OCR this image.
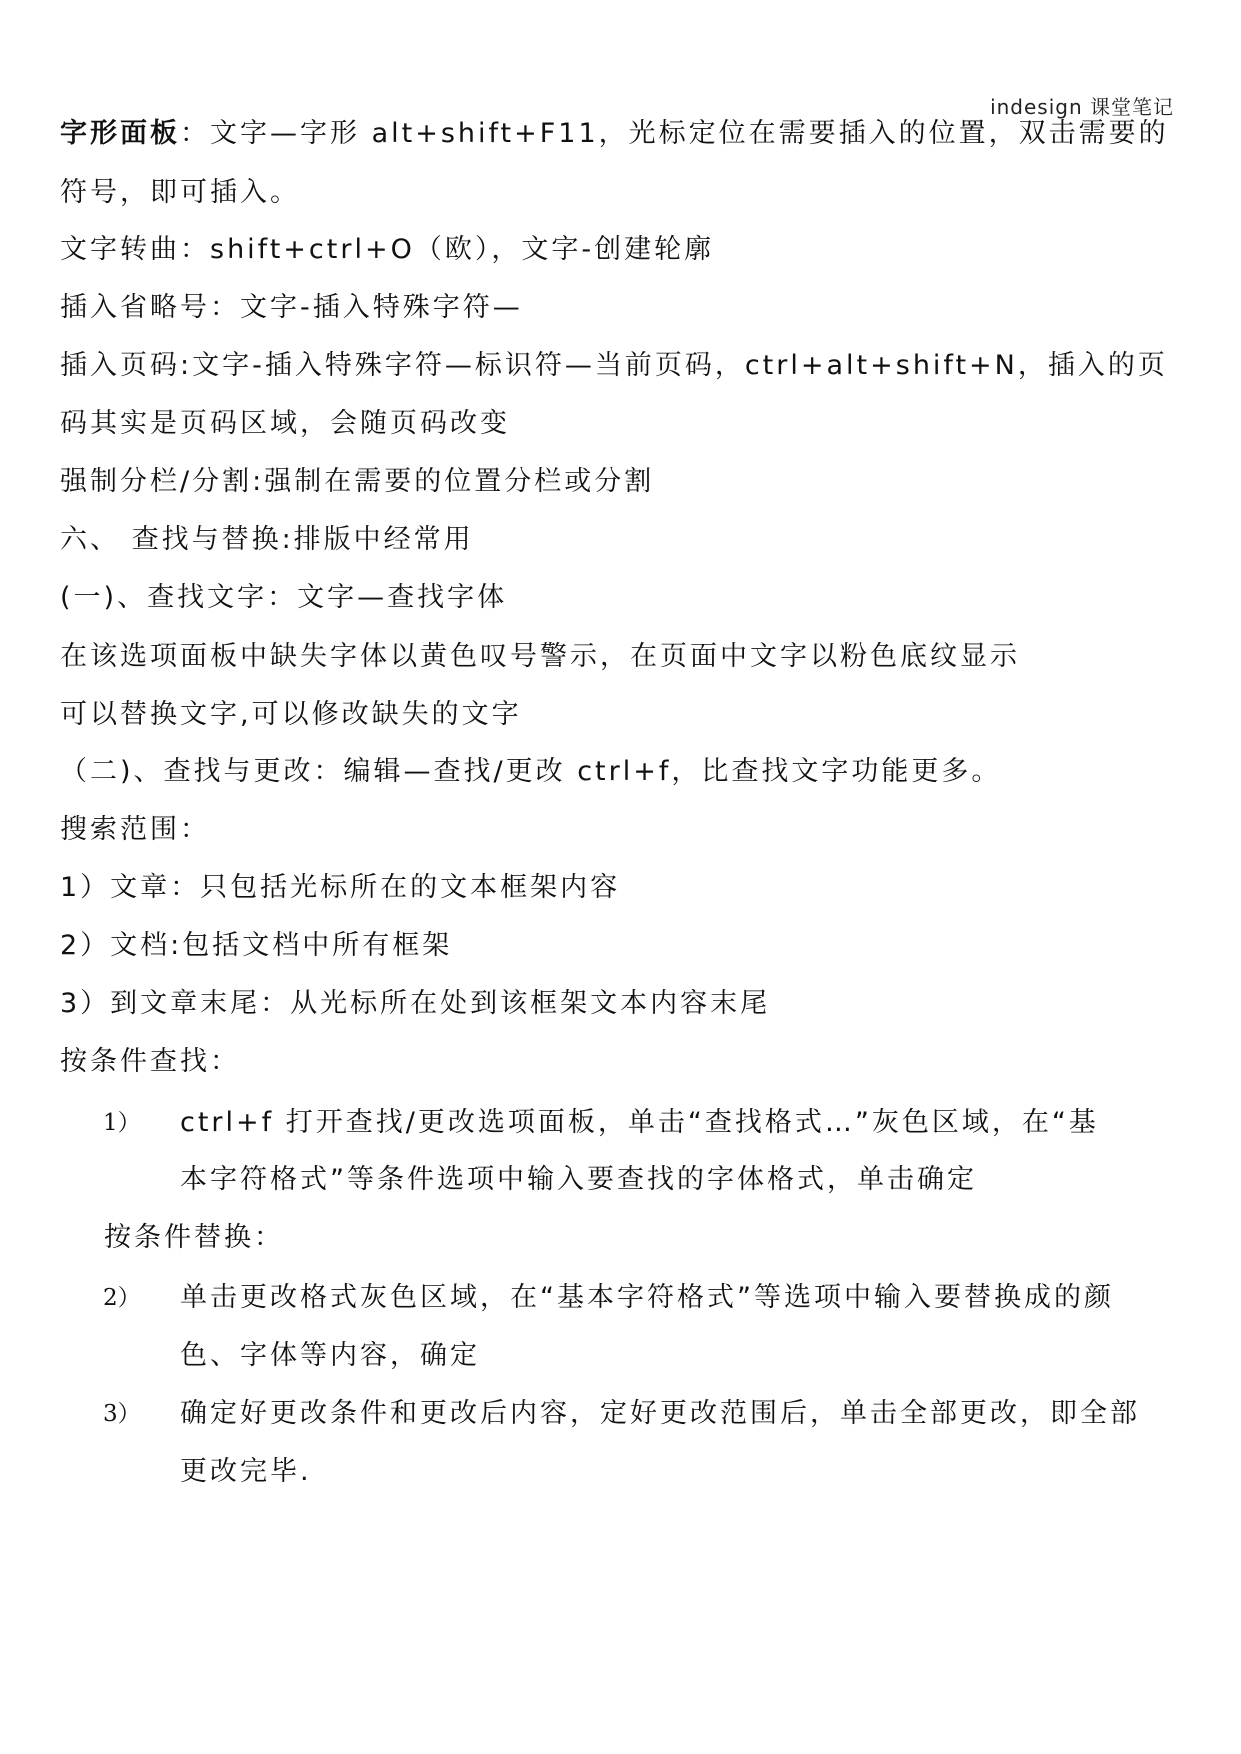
indesign 课堂笔记
字形面板：文字—字形 alt+shift+F11，光标定位在需要插入的位置，双击需要的
符号，即可插入。
文字转曲：shift+ctrl+O（欧），文字-创建轮廓
插入省略号：文字-插入特殊字符—
插入页码:文字-插入特殊字符—标识符—当前页码，ctrl+alt+shift+N，插入的页
码其实是页码区域，会随页码改变
强制分栏/分割:强制在需要的位置分栏或分割
六、 查找与替换:排版中经常用
(一)、查找文字：文字—查找字体
在该选项面板中缺失字体以黄色叹号警示，在页面中文字以粉色底纹显示
可以替换文字,可以修改缺失的文字
（二)、查找与更改：编辑—查找/更改 ctrl+f，比查找文字功能更多。
搜索范围：
1）文章：只包括光标所在的文本框架内容
2）文档:包括文档中所有框架
3）到文章末尾：从光标所在处到该框架文本内容末尾
按条件查找：
1） ctrl+f 打开查找/更改选项面板，单击“查找格式…”灰色区域，在“基
本字符格式”等条件选项中输入要查找的字体格式，单击确定
按条件替换：
2） 单击更改格式灰色区域，在“基本字符格式”等选项中输入要替换成的颜
色、字体等内容，确定
3） 确定好更改条件和更改后内容，定好更改范围后，单击全部更改，即全部
更改完毕.
